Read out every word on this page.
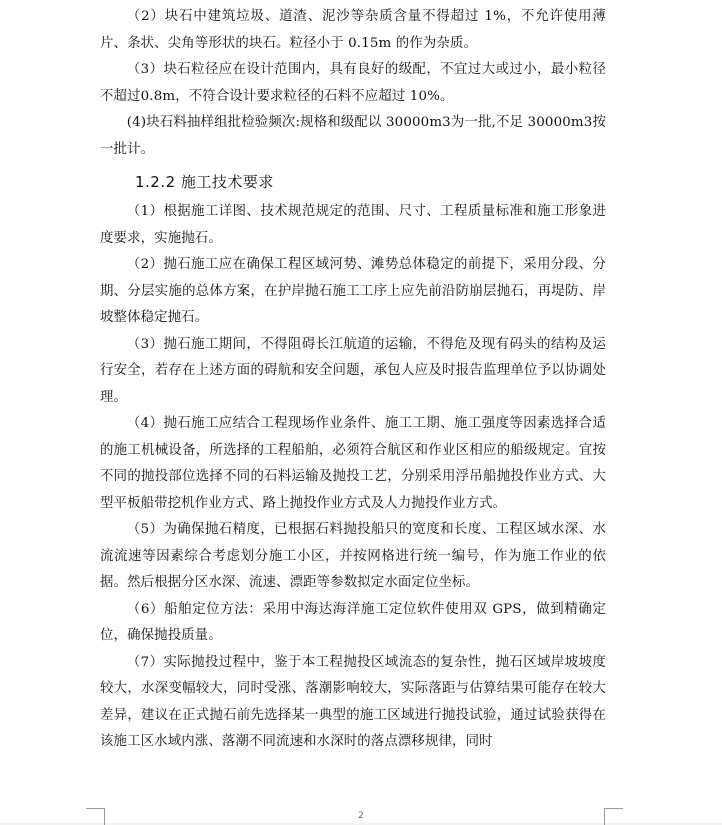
（2）块石中建筑垃圾、道渣、泥沙等杂质含量不得超过 1%，不允许使用薄片、条状、尖角等形状的块石。粒径小于 0.15m 的作为杂质。

（3）块石粒径应在设计范围内，具有良好的级配，不宜过大或过小，最小粒径不超过0.8m，不符合设计要求粒径的石料不应超过 10%。

(4)块石料抽样组批检验频次:规格和级配以 30000m3为一批,不足 30000m3按一批计。

1.2.2 施工技术要求

（1）根据施工详图、技术规范规定的范围、尺寸、工程质量标准和施工形象进度要求，实施抛石。

（2）抛石施工应在确保工程区域河势、滩势总体稳定的前提下，采用分段、分期、分层实施的总体方案，在护岸抛石施工工序上应先前沿防崩层抛石，再堤防、岸坡整体稳定抛石。

（3）抛石施工期间，不得阻碍长江航道的运输，不得危及现有码头的结构及运行安全，若存在上述方面的碍航和安全问题，承包人应及时报告监理单位予以协调处理。

（4）抛石施工应结合工程现场作业条件、施工工期、施工强度等因素选择合适的施工机械设备，所选择的工程船舶，必须符合航区和作业区相应的船级规定。宜按不同的抛投部位选择不同的石料运输及抛投工艺，分别采用浮吊船抛投作业方式、大型平板船带挖机作业方式、路上抛投作业方式及人力抛投作业方式。

（5）为确保抛石精度，已根据石料抛投船只的宽度和长度、工程区域水深、水流流速等因素综合考虑划分施工小区，并按网格进行统一编号，作为施工作业的依据。然后根据分区水深、流速、漂距等参数拟定水面定位坐标。

（6）船舶定位方法：采用中海达海洋施工定位软件使用双 GPS，做到精确定位，确保抛投质量。

（7）实际抛投过程中，鉴于本工程抛投区域流态的复杂性，抛石区域岸坡坡度较大，水深变幅较大，同时受涨、落潮影响较大，实际落距与估算结果可能存在较大差异，建议在正式抛石前先选择某一典型的施工区域进行抛投试验，通过试验获得在该施工区水域内涨、落潮不同流速和水深时的落点漂移规律，同时

2
